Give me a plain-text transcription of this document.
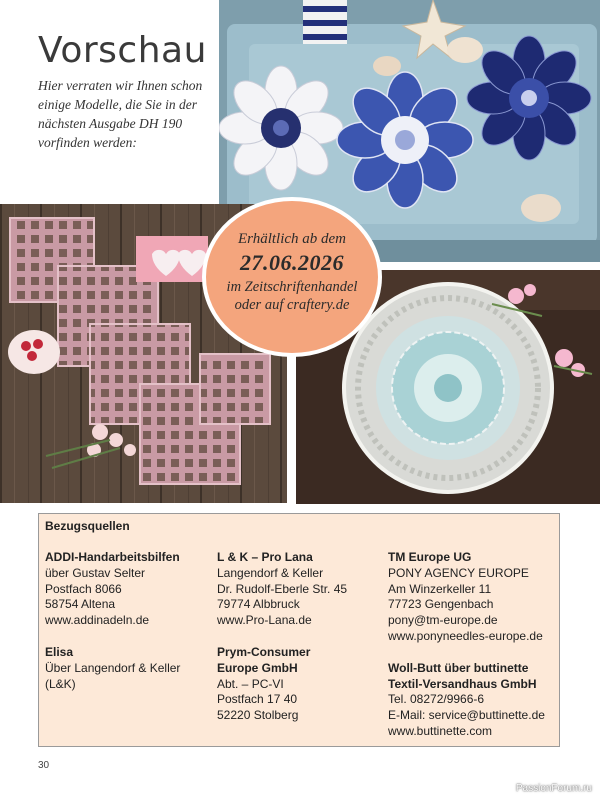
Vorschau

Hier verraten wir Ihnen schon einige Modelle, die Sie in der nächsten Ausgabe DH 190 vorfinden werden:

Erhältlich ab dem
27.06.2026
im Zeitschriftenhandel
oder auf craftery.de
Bezugsquellen
ADDI-Handarbeitsbilfen
über Gustav Selter
Postfach 8066
58754 Altena
www.addinadeln.de
Elisa
Über Langendorf & Keller
(L&K)
L & K – Pro Lana
Langendorf & Keller
Dr. Rudolf-Eberle Str. 45
79774 Albbruck
www.Pro-Lana.de
Prym-Consumer
Europe GmbH
Abt. – PC-VI
Postfach 17 40
52220 Stolberg
TM Europe UG
PONY AGENCY EUROPE
Am Winzerkeller 11
77723 Gengenbach
pony@tm-europe.de
www.ponyneedles-europe.de
Woll-Butt über buttinette
Textil-Versandhaus GmbH
Tel. 08272/9966-6
E-Mail: service@buttinette.de
www.buttinette.com
30
PassionForum.ru
